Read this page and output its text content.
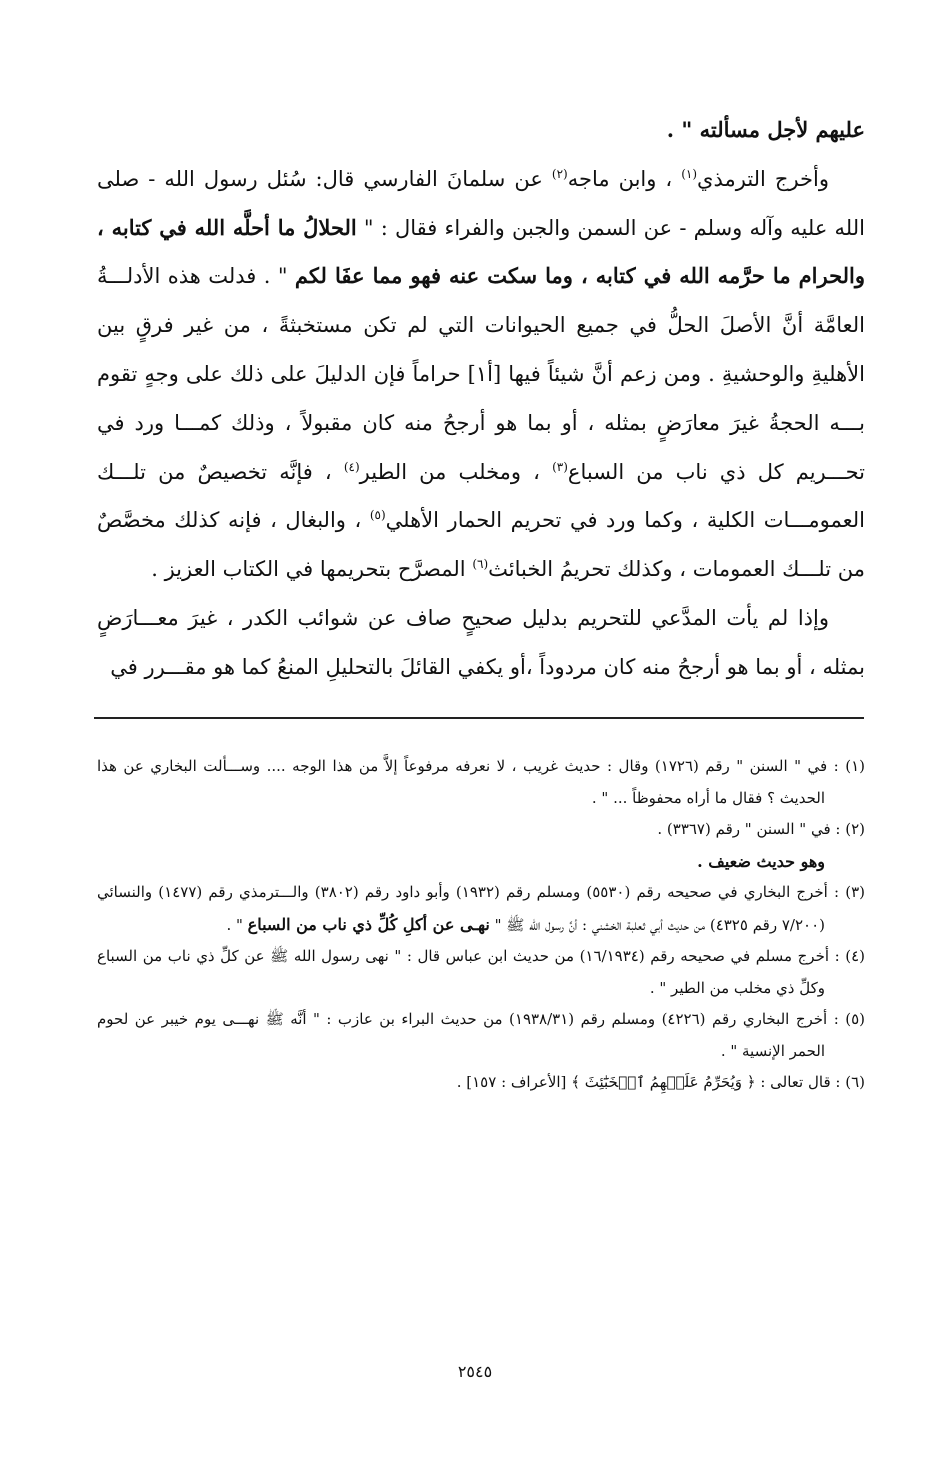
عليهم لأجل مسألته " .

وأخرج الترمذي$^{(١)}$ ، وابن ماجه$^{(٢)}$ عن سلمانَ الفارسي قال: سُئل رسول الله - صلى الله عليه وآله وسلم - عن السمن والجبن والفراء فقال : " الحلالُ ما أحلَّه الله في كتابه ، والحرام ما حرَّمه الله في كتابه ، وما سكت عنه فهو مما عفَا لكم " . فدلت هذه الأدلـــةُ العامَّة أنَّ الأصلَ الحلُّ في جميع الحيوانات التي لم تكن مستخبثةً ، من غير فرقٍ بين الأهليةِ والوحشيةِ . ومن زعم أنَّ شيئاً فيها [أ١] حراماً فإن الدليلَ على ذلك على وجهٍ تقوم بـــه الحجةُ غيرَ معارَضٍ بمثله ، أو بما هو أرجحُ منه كان مقبولاً ، وذلك كمـــا ورد في تحـــريم كل ذي ناب من السباع$^{(٣)}$ ، ومخلب من الطير$^{(٤)}$ ، فإنَّه تخصيصٌ من تلـــك العمومـــات الكلية ، وكما ورد في تحريم الحمار الأهلي$^{(٥)}$ ، والبغال ، فإنه كذلك مخصَّصٌ من تلـــك العمومات ، وكذلك تحريمُ الخبائث$^{(٦)}$ المصرَّح بتحريمها في الكتاب العزيز .

وإذا لم يأت المدَّعي للتحريم بدليل صحيحٍ صاف عن شوائب الكدر ، غيرَ معـــارَضٍ بمثله ، أو بما هو أرجحُ منه كان مردوداً ،أو يكفي القائلَ بالتحليلِ المنعُ كما هو مقـــرر في

(١) : في " السنن " رقم (١٧٢٦) وقال : حديث غريب ، لا نعرفه مرفوعاً إلاَّ من هذا الوجه .... وســـألت البخاري عن هذا الحديث ؟ فقال ما أراه محفوظاً ... " .

(٢) : في " السنن " رقم (٣٣٦٧) .

وهو حديث ضعيف .

(٣) : أخرج البخاري في صحيحه رقم (٥٥٣٠) ومسلم رقم (١٩٣٢) وأبو داود رقم (٣٨٠٢) والـــترمذي رقم (١٤٧٧) والنسائي (٧/٢٠٠ رقم ٤٣٢٥) من حديث أبي ثعلبة الخشني : أنَّ رسول الله ﷺ " نهـى عن أكلِ كُلِّ ذي ناب من السباع " .

(٤) : أخرج مسلم في صحيحه رقم (١٦/١٩٣٤) من حديث ابن عباس قال : " نهى رسول الله ﷺ عن كلِّ ذي ناب من السباع وكلِّ ذي مخلب من الطير " .

(٥) : أخرج البخاري رقم (٤٢٢٦) ومسلم رقم (١٩٣٨/٣١) من حديث البراء بن عازب : " أنَّه ﷺ نهـــى يوم خيبر عن لحوم الحمر الإنسية " .

(٦) : قال تعالى : ﴿ وَيُحَرِّمُ عَلَيۡهِمُ ٱلۡخَبَٰٓئِثَ ﴾ [الأعراف : ١٥٧] .

٢٥٤٥
